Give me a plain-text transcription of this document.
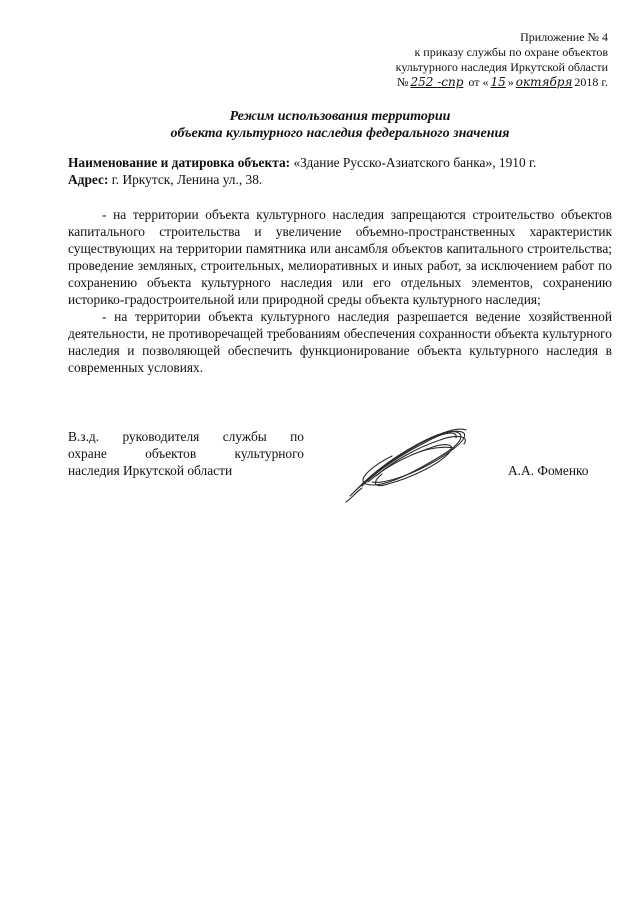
Приложение № 4
к приказу службы по охране объектов
культурного наследия Иркутской области
№ 252 -спр от « 15 » октября 2018 г.
Режим использования территории
объекта культурного наследия федерального значения
Наименование и датировка объекта: «Здание Русско-Азиатского банка», 1910 г.
Адрес: г. Иркутск, Ленина ул., 38.

- на территории объекта культурного наследия запрещаются строительство объектов капитального строительства и увеличение объемно-пространственных характеристик существующих на территории памятника или ансамбля объектов капитального строительства; проведение земляных, строительных, мелиоративных и иных работ, за исключением работ по сохранению объекта культурного наследия или его отдельных элементов, сохранению историко-градостроительной или природной среды объекта культурного наследия;

- на территории объекта культурного наследия разрешается ведение хозяйственной деятельности, не противоречащей требованиям обеспечения сохранности объекта культурного наследия и позволяющей обеспечить функционирование объекта культурного наследия в современных условиях.

В.з.д. руководителя службы по
охране объектов культурного
наследия Иркутской области	А.А. Фоменко
